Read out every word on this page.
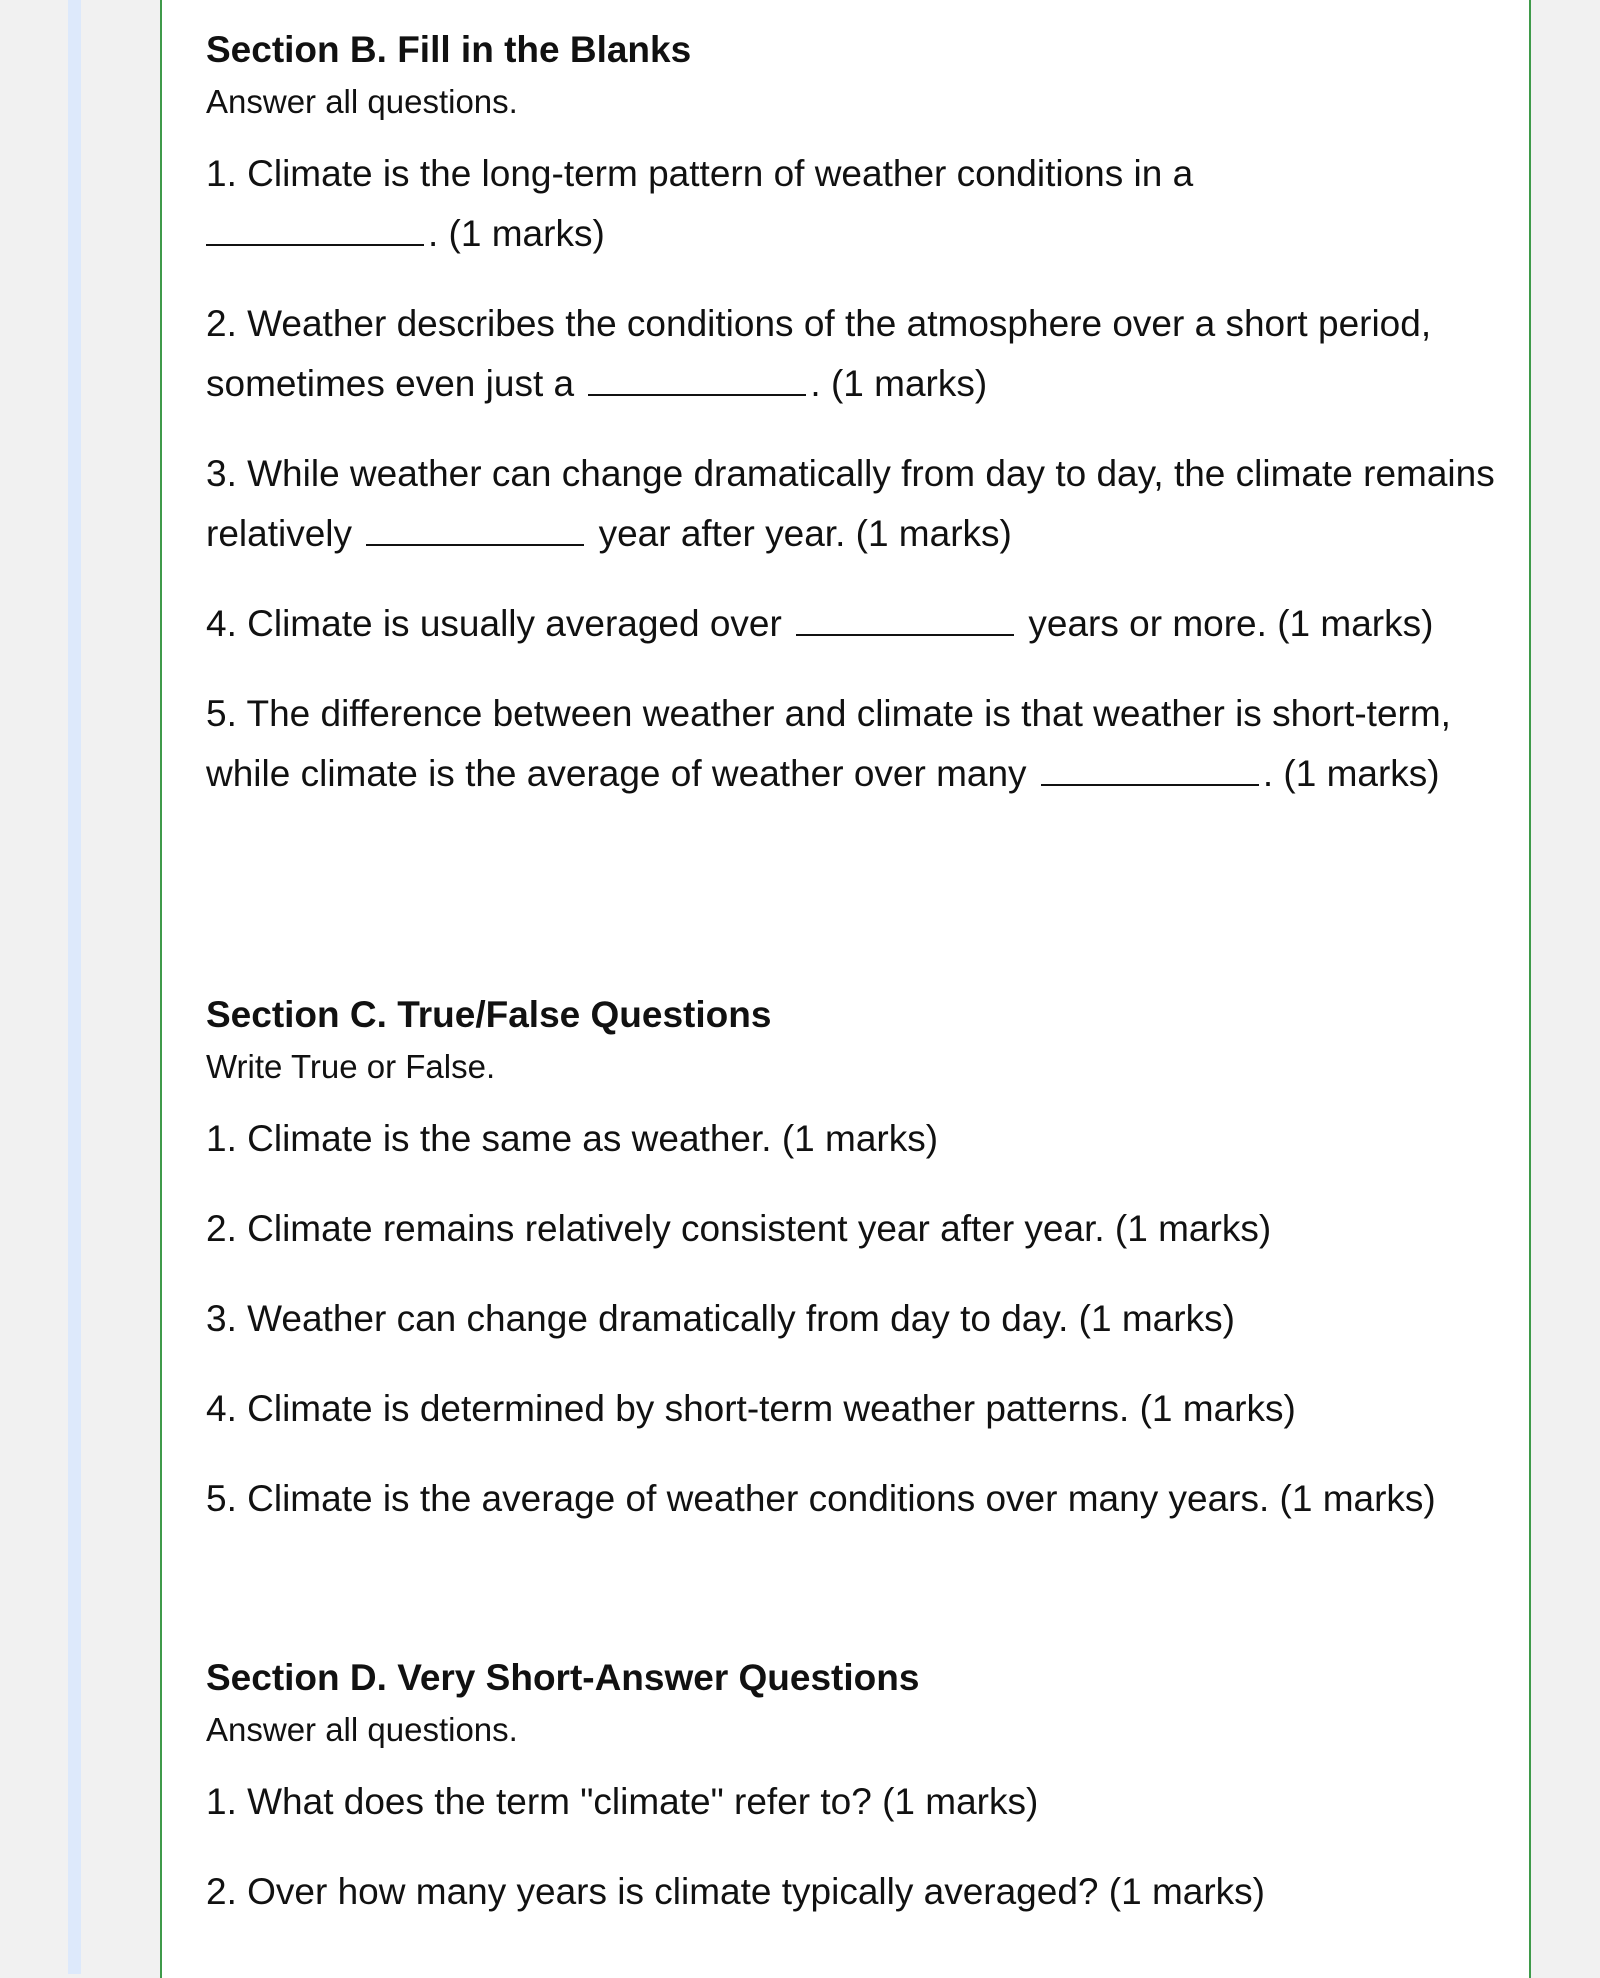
Section B. Fill in the Blanks

Answer all questions.

1. Climate is the long-term pattern of weather conditions in a
. (1 marks)
2. Weather describes the conditions of the atmosphere over a short period, sometimes even just a	. (1 marks)
3. While weather can change dramatically from day to day, the climate remains relatively	year after year. (1 marks)
4. Climate is usually averaged over	years or more. (1 marks)
5. The difference between weather and climate is that weather is short-term, while climate is the average of weather over many	. (1 marks)
Section C. True/False Questions

Write True or False.

1. Climate is the same as weather. (1 marks)
2. Climate remains relatively consistent year after year. (1 marks)
3. Weather can change dramatically from day to day. (1 marks)
4. Climate is determined by short-term weather patterns. (1 marks)
5. Climate is the average of weather conditions over many years. (1 marks)
Section D. Very Short-Answer Questions

Answer all questions.

1. What does the term "climate" refer to? (1 marks)
2. Over how many years is climate typically averaged? (1 marks)
